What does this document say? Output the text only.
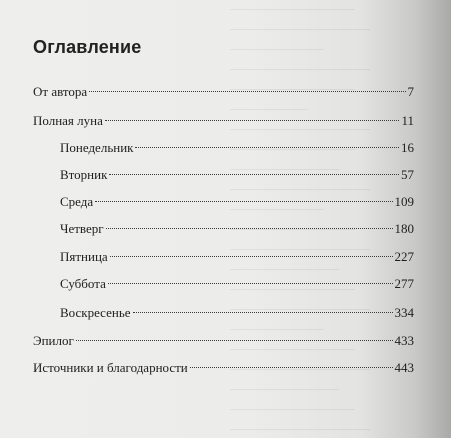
────────────────
──────────────────
────────────
──────────────────
────────────────
──────────
──────────────────
────────────────
──────────────
──────────────────
────────────
────────────────
──────────────────
──────────────
────────────────
──────────────────
────────────
────────────────
──────────────────
──────────────
────────────────
──────────────────
Оглавление
От автора	7
Полная луна	11
Понедельник	16
Вторник	57
Среда	109
Четверг	180
Пятница	227
Суббота	277
Воскресенье	334
Эпилог	433
Источники и благодарности	443
